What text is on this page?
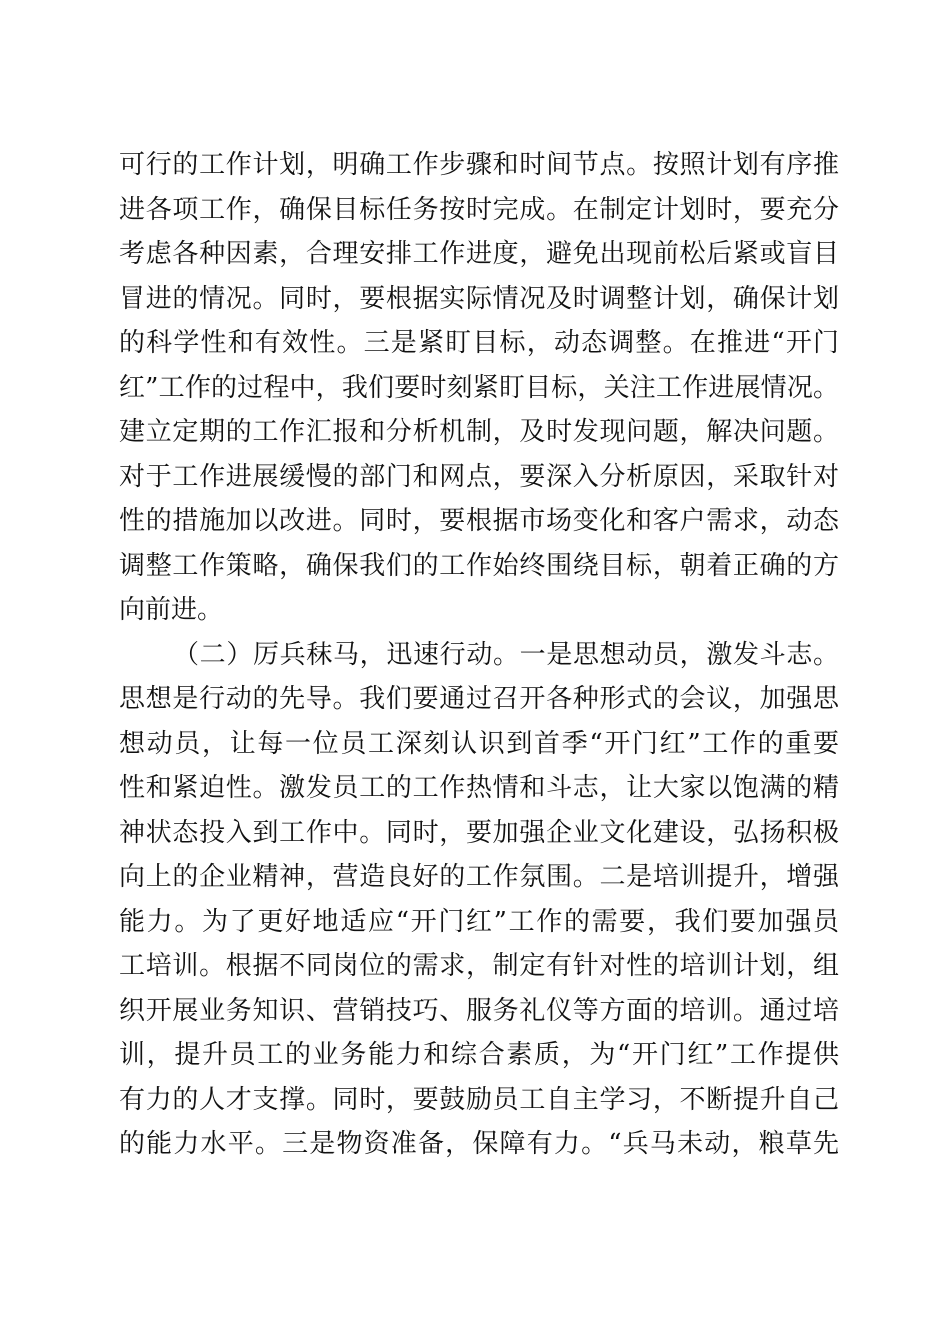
可行的工作计划，明确工作步骤和时间节点。按照计划有序推
进各项工作，确保目标任务按时完成。在制定计划时，要充分
考虑各种因素，合理安排工作进度，避免出现前松后紧或盲目
冒进的情况。同时，要根据实际情况及时调整计划，确保计划
的科学性和有效性。三是紧盯目标，动态调整。在推进“开门
红”工作的过程中，我们要时刻紧盯目标，关注工作进展情况。
建立定期的工作汇报和分析机制，及时发现问题，解决问题。
对于工作进展缓慢的部门和网点，要深入分析原因，采取针对
性的措施加以改进。同时，要根据市场变化和客户需求，动态
调整工作策略，确保我们的工作始终围绕目标，朝着正确的方
向前进。
（二）厉兵秣马，迅速行动。一是思想动员，激发斗志。
思想是行动的先导。我们要通过召开各种形式的会议，加强思
想动员，让每一位员工深刻认识到首季“开门红”工作的重要
性和紧迫性。激发员工的工作热情和斗志，让大家以饱满的精
神状态投入到工作中。同时，要加强企业文化建设，弘扬积极
向上的企业精神，营造良好的工作氛围。二是培训提升，增强
能力。为了更好地适应“开门红”工作的需要，我们要加强员
工培训。根据不同岗位的需求，制定有针对性的培训计划，组
织开展业务知识、营销技巧、服务礼仪等方面的培训。通过培
训，提升员工的业务能力和综合素质，为“开门红”工作提供
有力的人才支撑。同时，要鼓励员工自主学习，不断提升自己
的能力水平。三是物资准备，保障有力。“兵马未动，粮草先
